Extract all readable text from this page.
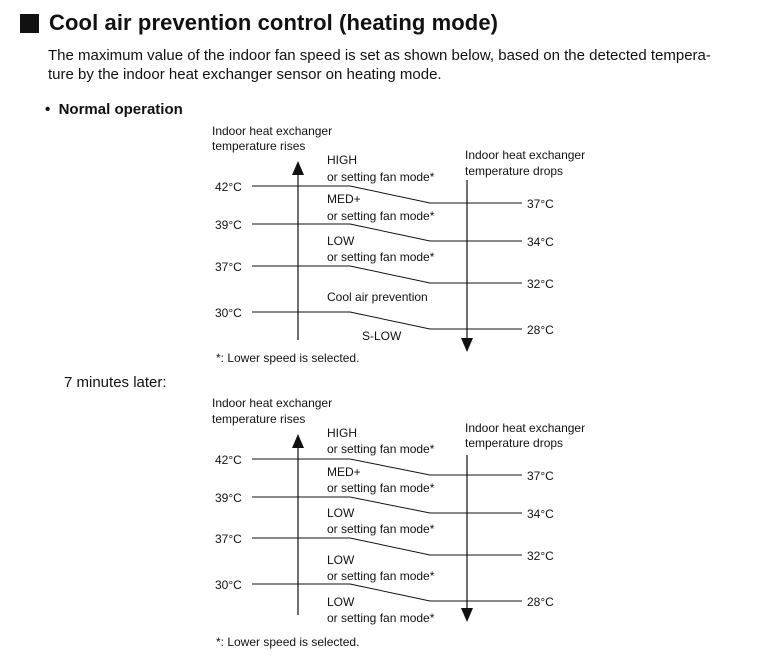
Cool air prevention control (heating mode)
The maximum value of the indoor fan speed is set as shown below, based on the detected tempera-
ture by the indoor heat exchanger sensor on heating mode.
•  Normal operation
7 minutes later:
Indoor heat exchanger
temperature rises
Indoor heat exchanger
temperature drops
42°C
39°C
37°C
30°C
37°C
34°C
32°C
28°C
HIGH
or setting fan mode*
MED+
or setting fan mode*
LOW
or setting fan mode*
Cool air prevention
S-LOW
*: Lower speed is selected.
Indoor heat exchanger
temperature rises
Indoor heat exchanger
temperature drops
42°C
39°C
37°C
30°C
37°C
34°C
32°C
28°C
HIGH
or setting fan mode*
MED+
or setting fan mode*
LOW
or setting fan mode*
LOW
or setting fan mode*
LOW
or setting fan mode*
*: Lower speed is selected.
